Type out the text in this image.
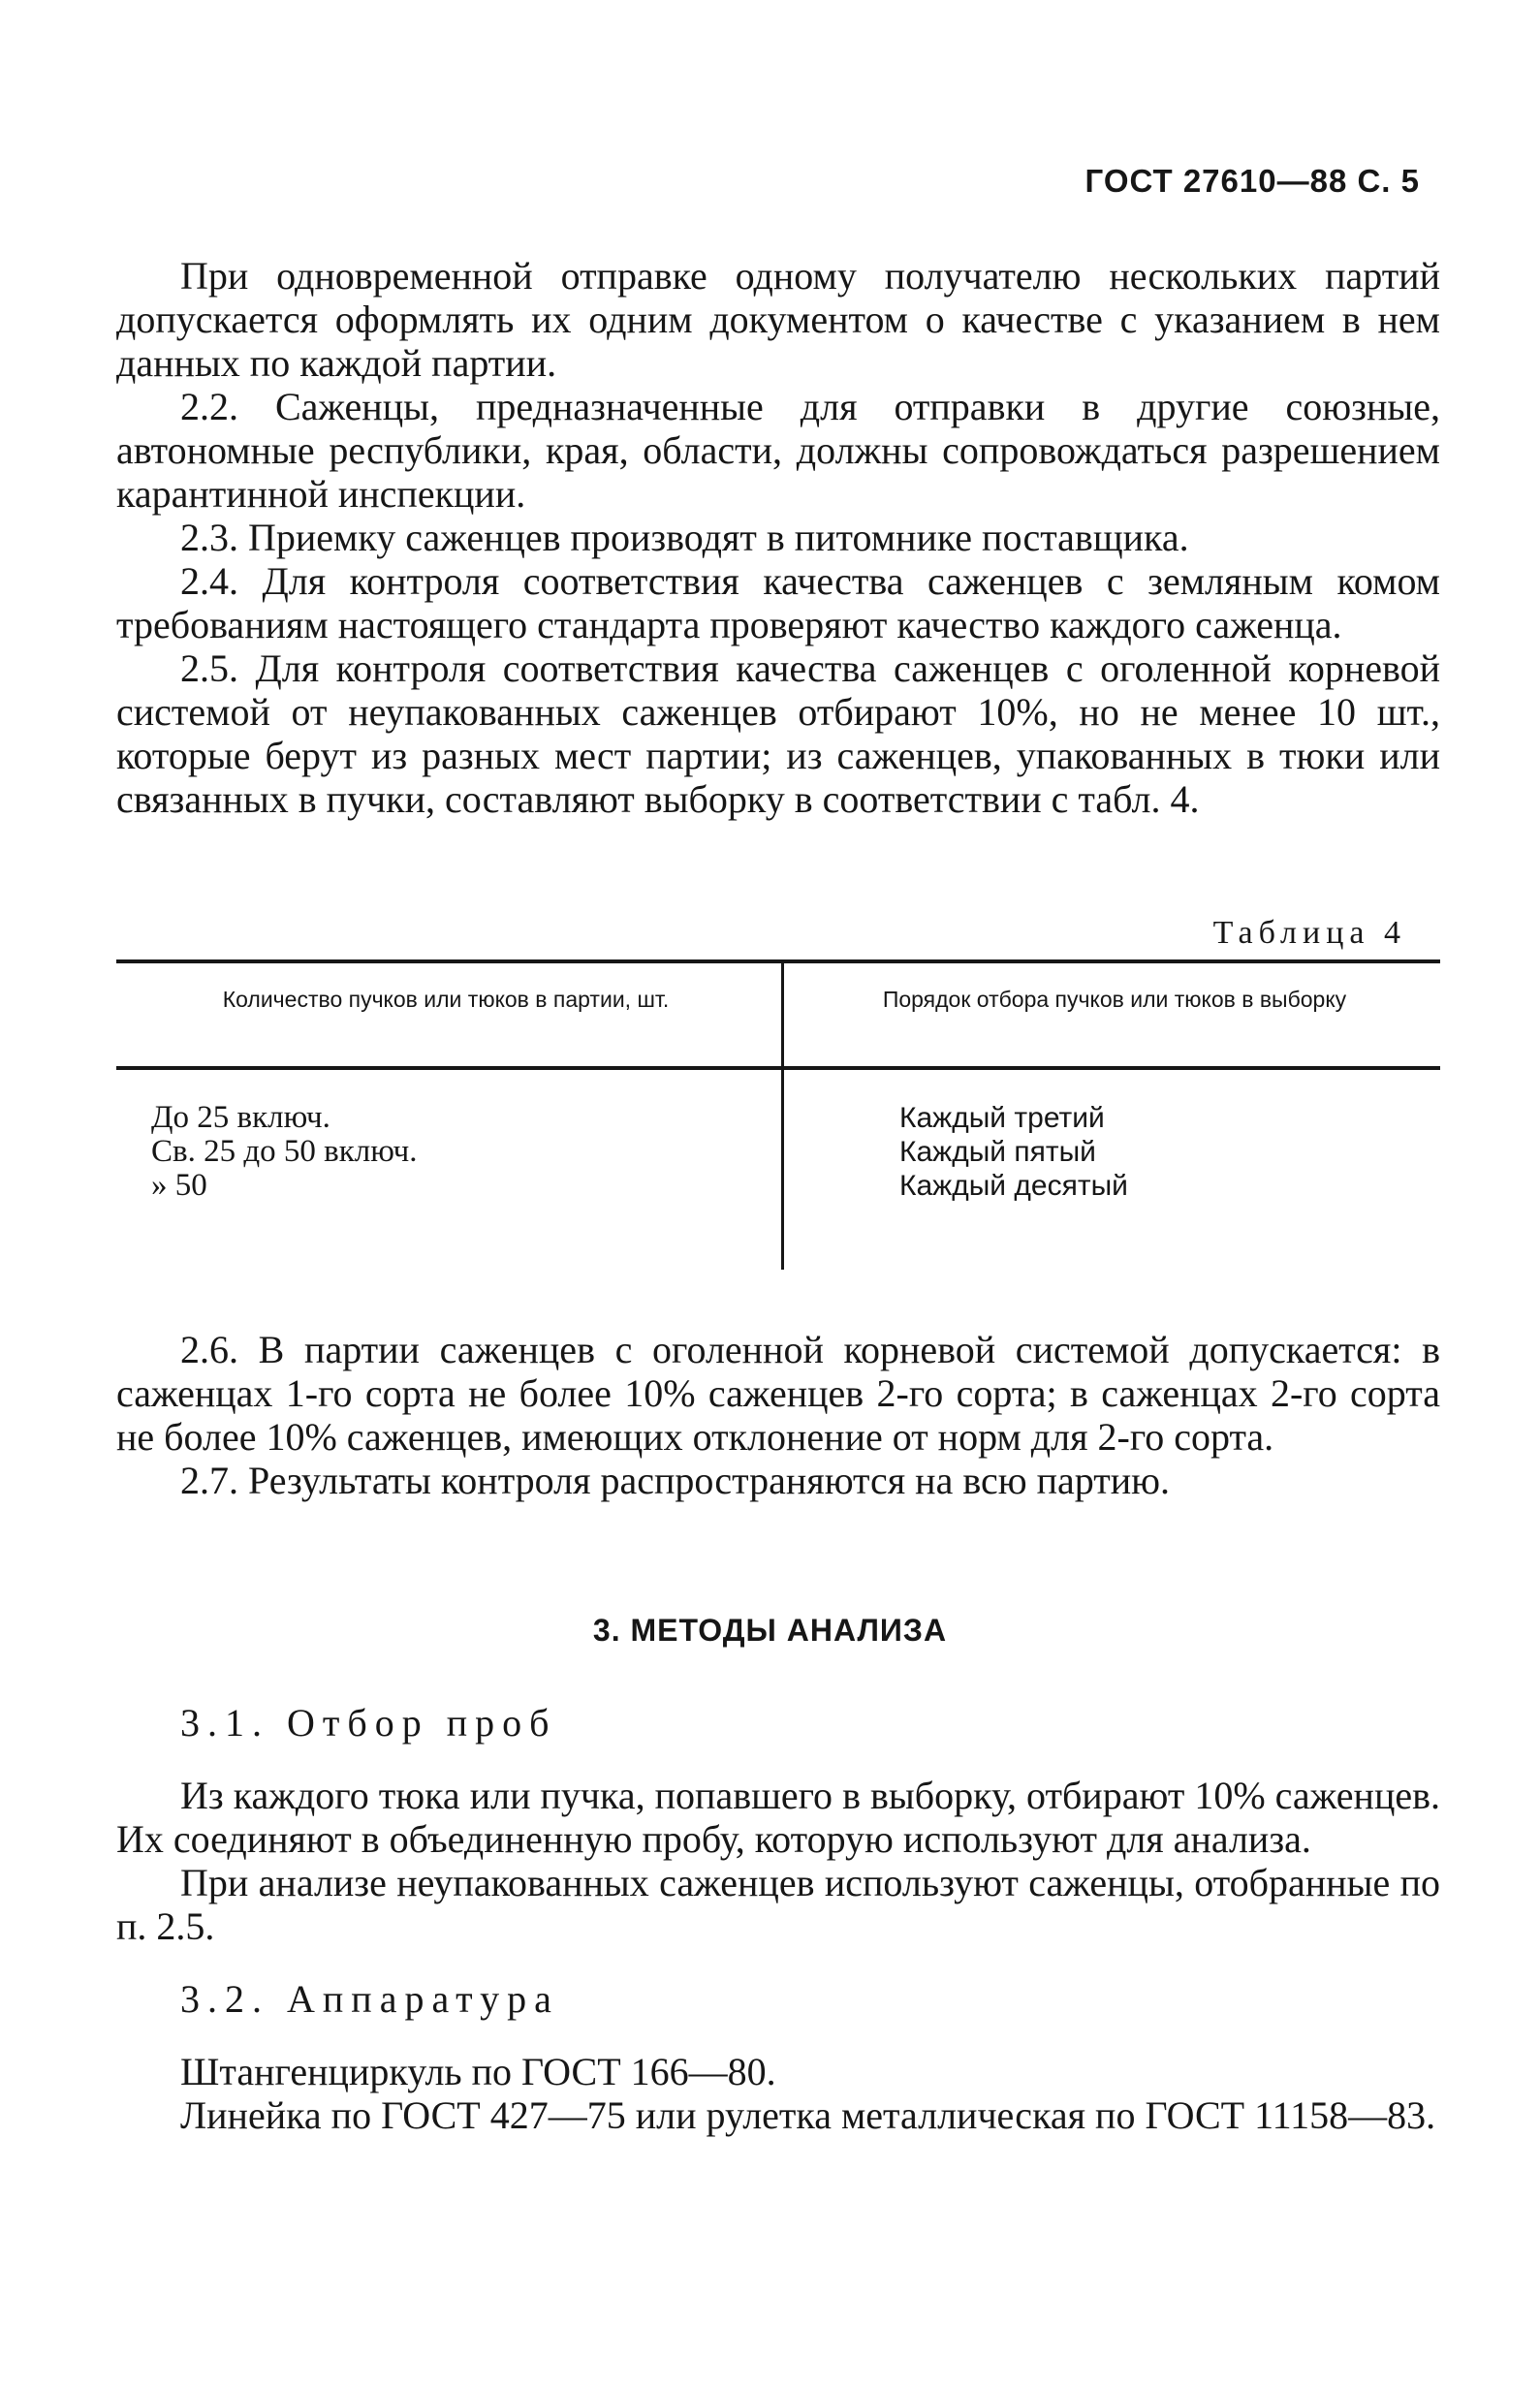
ГОСТ 27610—88 С. 5

При одновременной отправке одному получателю нескольких партий допускается оформлять их одним документом о качестве с указанием в нем данных по каждой партии.

2.2. Саженцы, предназначенные для отправки в другие союзные, автономные республики, края, области, должны сопровождаться разрешением карантинной инспекции.

2.3. Приемку саженцев производят в питомнике поставщика.

2.4. Для контроля соответствия качества саженцев с земляным комом требованиям настоящего стандарта проверяют качество каждого саженца.

2.5. Для контроля соответствия качества саженцев с оголенной корневой системой от неупакованных саженцев отбирают 10%, но не менее 10 шт., которые берут из разных мест партии; из саженцев, упакованных в тюки или связанных в пучки, составляют выборку в соответствии с табл. 4.

Таблица 4
Количество пучков или тюков в партии, шт.	Порядок отбора пучков или тюков в выборку
До 25 включ.
Св. 25 до 50 включ.
» 50
Каждый третий
Каждый пятый
Каждый десятый

2.6. В партии саженцев с оголенной корневой системой допускается: в саженцах 1-го сорта не более 10% саженцев 2-го сорта; в саженцах 2-го сорта не более 10% саженцев, имеющих отклонение от норм для 2-го сорта.

2.7. Результаты контроля распространяются на всю партию.

3. МЕТОДЫ АНАЛИЗА

3.1. Отбор проб

Из каждого тюка или пучка, попавшего в выборку, отбирают 10% саженцев. Их соединяют в объединенную пробу, которую используют для анализа.

При анализе неупакованных саженцев используют саженцы, отобранные по п. 2.5.

3.2. Аппаратура

Штангенциркуль по ГОСТ 166—80.

Линейка по ГОСТ 427—75 или рулетка металлическая по ГОСТ 11158—83.
